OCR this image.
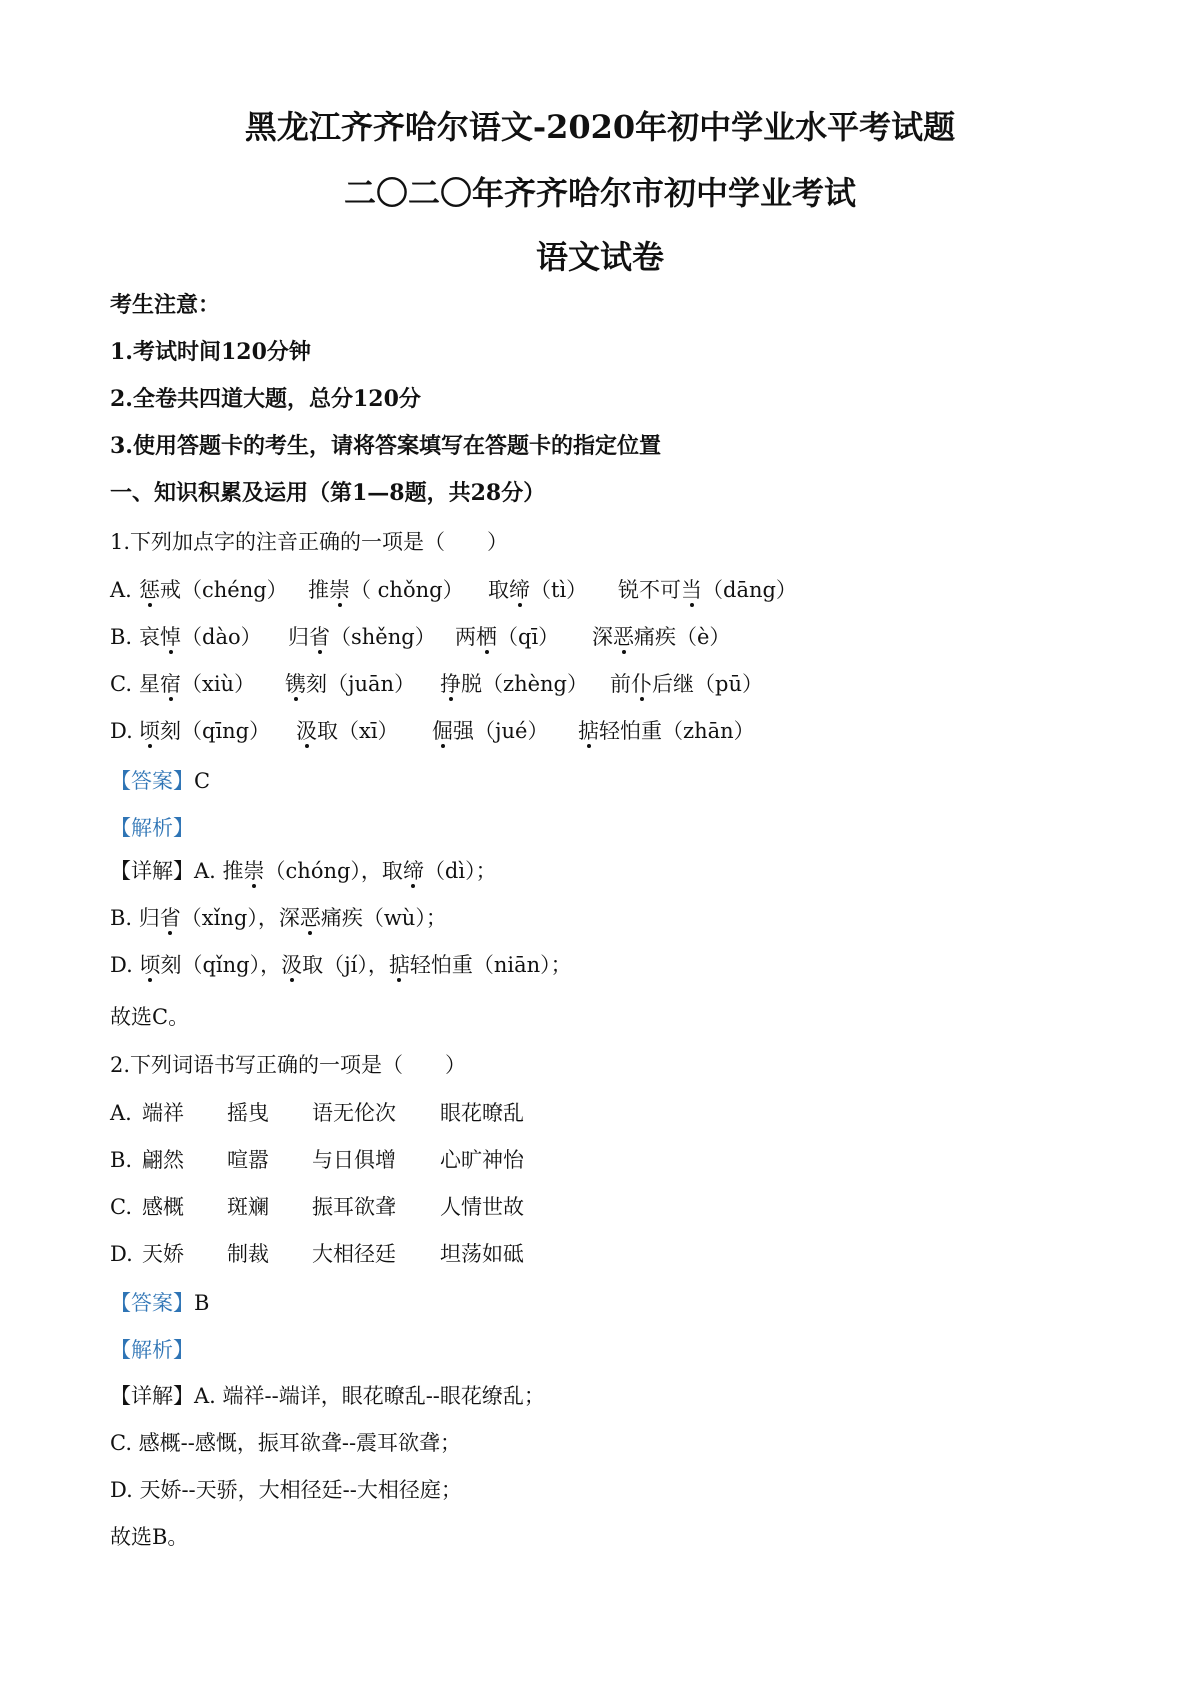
黑龙江齐齐哈尔语文-2020年初中学业水平考试题
二〇二〇年齐齐哈尔市初中学业考试
语文试卷
考生注意：
1.考试时间120分钟
2.全卷共四道大题，总分120分
3.使用答题卡的考生，请将答案填写在答题卡的指定位置
一、知识积累及运用（第1—8题，共28分）
1.下列加点字的注音正确的一项是（　　）
A. 惩戒（chéng） 推崇（ chǒng） 取缔（tì） 锐不可当（dāng）
B. 哀悼（dào） 归省（shěng） 两栖（qī） 深恶痛疾（è）
C. 星宿（xiù） 镌刻（juān） 挣脱（zhèng） 前仆后继（pū）
D. 顷刻（qīng） 汲取（xī） 倔强（jué） 掂轻怕重（zhān）
【答案】C
【解析】
【详解】A. 推崇（chóng），取缔（dì）；
B. 归省（xǐng），深恶痛疾（wù）；
D. 顷刻（qǐng），汲取（jí），掂轻怕重（niān）；
故选C。
2.下列词语书写正确的一项是（　　）
A. 端祥 摇曳 语无伦次 眼花暸乱
B. 翩然 喧嚣 与日俱增 心旷神怡
C. 感概 斑斓 振耳欲聋 人情世故
D. 天娇 制裁 大相径廷 坦荡如砥
【答案】B
【解析】
【详解】A. 端祥--端详，眼花暸乱--眼花缭乱；
C. 感概--感慨，振耳欲聋--震耳欲聋；
D. 天娇--天骄，大相径廷--大相径庭；
故选B。
